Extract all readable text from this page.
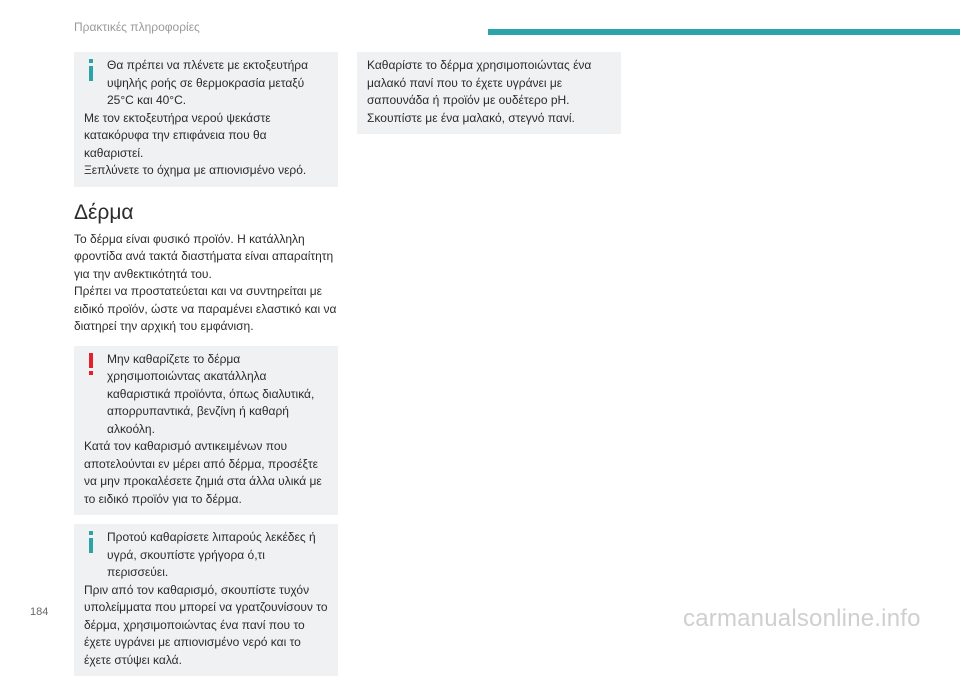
Πρακτικές πληροφορίες

Θα πρέπει να πλένετε με εκτοξευτήρα υψηλής ροής σε θερμοκρασία μεταξύ 25°C και 40°C.

Με τον εκτοξευτήρα νερού ψεκάστε κατακόρυφα την επιφάνεια που θα καθαριστεί.

Ξεπλύνετε το όχημα με απιονισμένο νερό.

Δέρμα

Το δέρμα είναι φυσικό προϊόν. Η κατάλληλη φροντίδα ανά τακτά διαστήματα είναι απαραίτητη για την ανθεκτικότητά του.

Πρέπει να προστατεύεται και να συντηρείται με ειδικό προϊόν, ώστε να παραμένει ελαστικό και να διατηρεί την αρχική του εμφάνιση.

Μην καθαρίζετε το δέρμα χρησιμοποιώντας ακατάλληλα καθαριστικά προϊόντα, όπως διαλυτικά, απορρυπαντικά, βενζίνη ή καθαρή αλκοόλη.

Κατά τον καθαρισμό αντικειμένων που αποτελούνται εν μέρει από δέρμα, προσέξτε να μην προκαλέσετε ζημιά στα άλλα υλικά με το ειδικό προϊόν για το δέρμα.

Προτού καθαρίσετε λιπαρούς λεκέδες ή υγρά, σκουπίστε γρήγορα ό,τι περισσεύει.

Πριν από τον καθαρισμό, σκουπίστε τυχόν υπολείμματα που μπορεί να γρατζουνίσουν το δέρμα, χρησιμοποιώντας ένα πανί που το έχετε υγράνει με απιονισμένο νερό και το έχετε στύψει καλά.

Καθαρίστε το δέρμα χρησιμοποιώντας ένα μαλακό πανί που το έχετε υγράνει με σαπουνάδα ή προϊόν με ουδέτερο pH.

Σκουπίστε με ένα μαλακό, στεγνό πανί.

184	carmanualsonline.info
